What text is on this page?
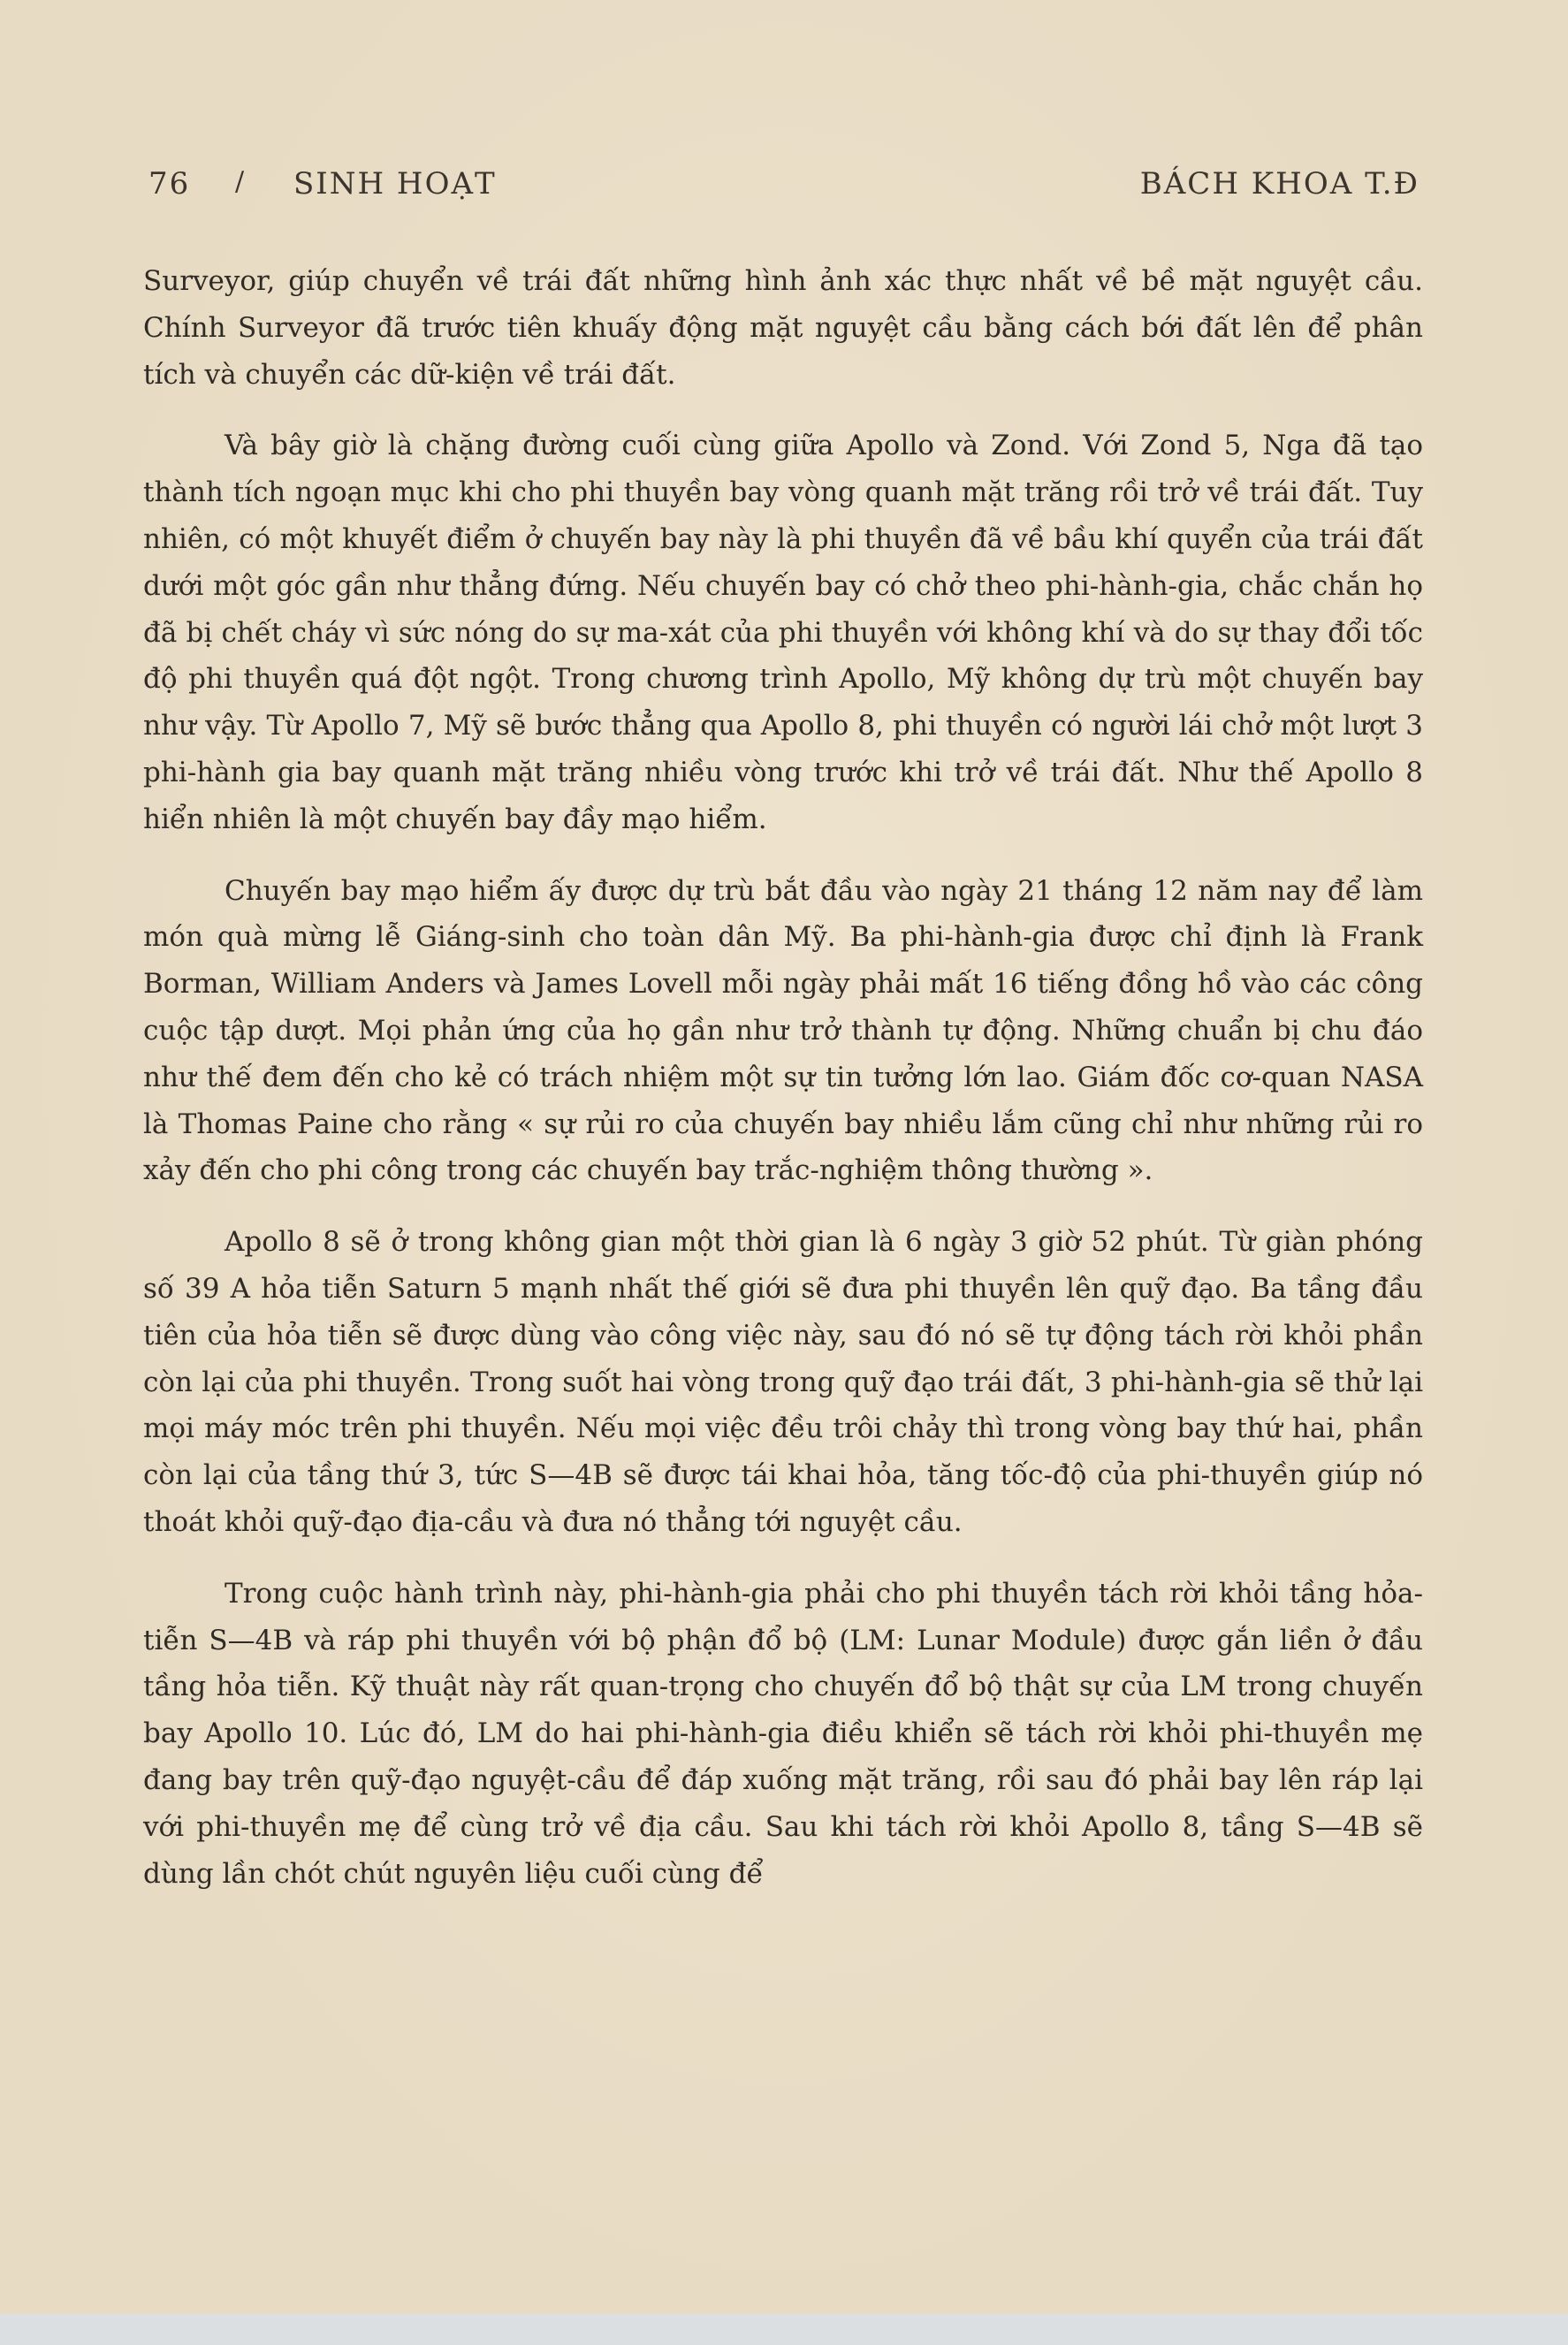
76 / SINH HOẠT	BÁCH KHOA T.Đ

Surveyor, giúp chuyển về trái đất những hình ảnh xác thực nhất về bề mặt nguyệt cầu. Chính Surveyor đã trước tiên khuấy động mặt nguyệt cầu bằng cách bới đất lên để phân tích và chuyển các dữ-kiện về trái đất.

Và bây giờ là chặng đường cuối cùng giữa Apollo và Zond. Với Zond 5, Nga đã tạo thành tích ngoạn mục khi cho phi thuyền bay vòng quanh mặt trăng rồi trở về trái đất. Tuy nhiên, có một khuyết điểm ở chuyến bay này là phi thuyền đã về bầu khí quyển của trái đất dưới một góc gần như thẳng đứng. Nếu chuyến bay có chở theo phi-hành-gia, chắc chắn họ đã bị chết cháy vì sức nóng do sự ma-xát của phi thuyền với không khí và do sự thay đổi tốc độ phi thuyền quá đột ngột. Trong chương trình Apollo, Mỹ không dự trù một chuyến bay như vậy. Từ Apollo 7, Mỹ sẽ bước thẳng qua Apollo 8, phi thuyền có người lái chở một lượt 3 phi-hành gia bay quanh mặt trăng nhiều vòng trước khi trở về trái đất. Như thế Apollo 8 hiển nhiên là một chuyến bay đầy mạo hiểm.

Chuyến bay mạo hiểm ấy được dự trù bắt đầu vào ngày 21 tháng 12 năm nay để làm món quà mừng lễ Giáng-sinh cho toàn dân Mỹ. Ba phi-hành-gia được chỉ định là Frank Borman, William Anders và James Lovell mỗi ngày phải mất 16 tiếng đồng hồ vào các công cuộc tập dượt. Mọi phản ứng của họ gần như trở thành tự động. Những chuẩn bị chu đáo như thế đem đến cho kẻ có trách nhiệm một sự tin tưởng lớn lao. Giám đốc cơ-quan NASA là Thomas Paine cho rằng « sự rủi ro của chuyến bay nhiều lắm cũng chỉ như những rủi ro xảy đến cho phi công trong các chuyến bay trắc-nghiệm thông thường ».

Apollo 8 sẽ ở trong không gian một thời gian là 6 ngày 3 giờ 52 phút. Từ giàn phóng số 39 A hỏa tiễn Saturn 5 mạnh nhất thế giới sẽ đưa phi thuyền lên quỹ đạo. Ba tầng đầu tiên của hỏa tiễn sẽ được dùng vào công việc này, sau đó nó sẽ tự động tách rời khỏi phần còn lại của phi thuyền. Trong suốt hai vòng trong quỹ đạo trái đất, 3 phi-hành-gia sẽ thử lại mọi máy móc trên phi thuyền. Nếu mọi việc đều trôi chảy thì trong vòng bay thứ hai, phần còn lại của tầng thứ 3, tức S—4B sẽ được tái khai hỏa, tăng tốc-độ của phi-thuyền giúp nó thoát khỏi quỹ-đạo địa-cầu và đưa nó thẳng tới nguyệt cầu.

Trong cuộc hành trình này, phi-hành-gia phải cho phi thuyền tách rời khỏi tầng hỏa-tiễn S—4B và ráp phi thuyền với bộ phận đổ bộ (LM: Lunar Module) được gắn liền ở đầu tầng hỏa tiễn. Kỹ thuật này rất quan-trọng cho chuyến đổ bộ thật sự của LM trong chuyến bay Apollo 10. Lúc đó, LM do hai phi-hành-gia điều khiển sẽ tách rời khỏi phi-thuyền mẹ đang bay trên quỹ-đạo nguyệt-cầu để đáp xuống mặt trăng, rồi sau đó phải bay lên ráp lại với phi-thuyền mẹ để cùng trở về địa cầu. Sau khi tách rời khỏi Apollo 8, tầng S—4B sẽ dùng lần chót chút nguyên liệu cuối cùng để
